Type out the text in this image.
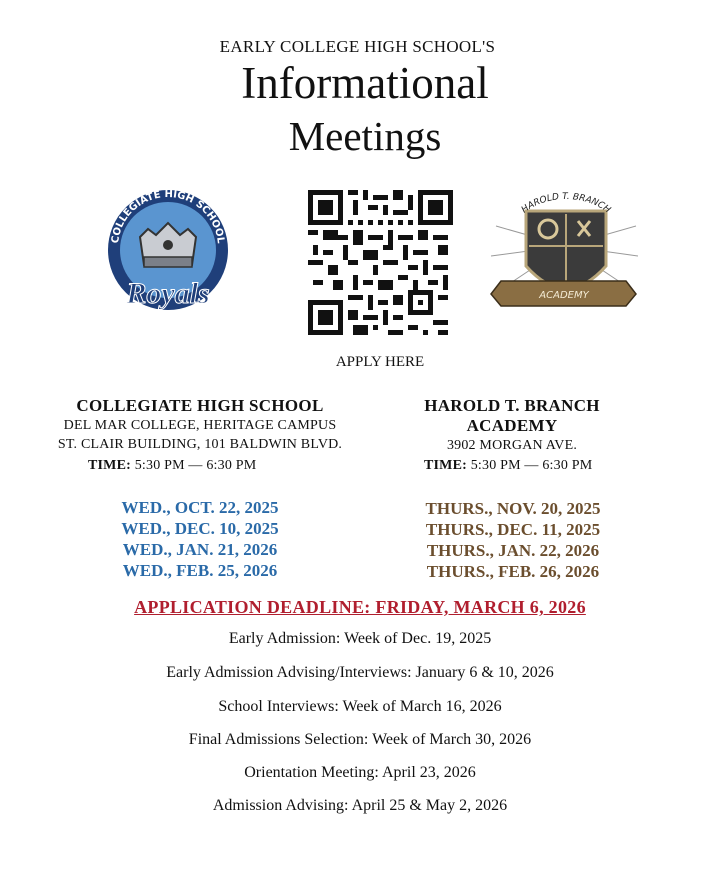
EARLY COLLEGE HIGH SCHOOL'S
Informational
Meetings
COLLEGIATE HIGH SCHOOL
Royals
HAROLD T. BRANCH
ACADEMY
APPLY HERE
COLLEGIATE HIGH SCHOOL
DEL MAR COLLEGE, HERITAGE CAMPUS
ST. CLAIR BUILDING, 101 BALDWIN BLVD.
TIME: 5:30 PM — 6:30 PM
WED., OCT. 22, 2025
WED., DEC. 10, 2025
WED., JAN. 21, 2026
WED., FEB. 25, 2026
HAROLD T. BRANCH
ACADEMY
3902 MORGAN AVE.
TIME: 5:30 PM — 6:30 PM
THURS., NOV. 20, 2025
THURS., DEC. 11, 2025
THURS., JAN. 22, 2026
THURS., FEB. 26, 2026
APPLICATION DEADLINE: FRIDAY, MARCH 6, 2026
Early Admission: Week of Dec. 19, 2025
Early Admission Advising/Interviews: January 6 & 10, 2026
School Interviews: Week of March 16, 2026
Final Admissions Selection: Week of March 30, 2026
Orientation Meeting: April 23, 2026
Admission Advising: April 25 & May 2, 2026
